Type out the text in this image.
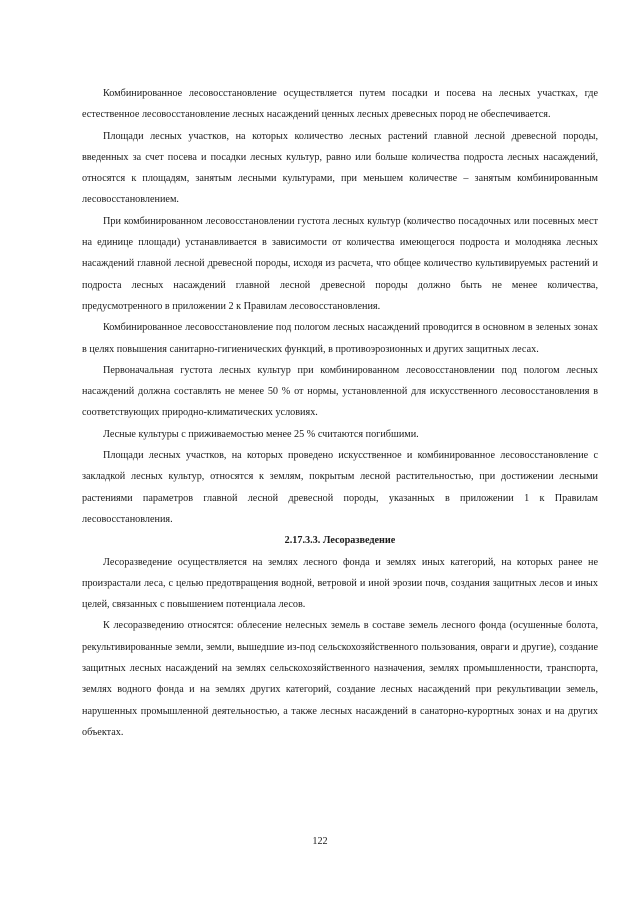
Комбинированное лесовосстановление осуществляется путем посадки и посева на лесных участках, где естественное лесовосстановление лесных насаждений ценных лесных древесных пород не обеспечивается.

Площади лесных участков, на которых количество лесных растений главной лесной древесной породы, введенных за счет посева и посадки лесных культур, равно или больше количества подроста лесных насаждений, относятся к площадям, занятым лесными культурами, при меньшем количестве – занятым комбинированным лесовосстановлением.

При комбинированном лесовосстановлении густота лесных культур (количество посадочных или посевных мест на единице площади) устанавливается в зависимости от количества имеющегося подроста и молодняка лесных насаждений главной лесной древесной породы, исходя из расчета, что общее количество культивируемых растений и подроста лесных насаждений главной лесной древесной породы должно быть не менее количества, предусмотренного в приложении 2 к Правилам лесовосстановления.

Комбинированное лесовосстановление под пологом лесных насаждений проводится в основном в зеленых зонах в целях повышения санитарно-гигиенических функций, в противоэрозионных и других защитных лесах.

Первоначальная густота лесных культур при комбинированном лесовосстановлении под пологом лесных насаждений должна составлять не менее 50 % от нормы, установленной для искусственного лесовосстановления в соответствующих природно-климатических условиях.

Лесные культуры с приживаемостью менее 25 % считаются погибшими.

Площади лесных участков, на которых проведено искусственное и комбинированное лесовосстановление с закладкой лесных культур, относятся к землям, покрытым лесной растительностью, при достижении лесными растениями параметров главной лесной древесной породы, указанных в приложении 1 к Правилам лесовосстановления.

2.17.3.3. Лесоразведение

Лесоразведение осуществляется на землях лесного фонда и землях иных категорий, на которых ранее не произрастали леса, с целью предотвращения водной, ветровой и иной эрозии почв, создания защитных лесов и иных целей, связанных с повышением потенциала лесов.

К лесоразведению относятся: облесение нелесных земель в составе земель лесного фонда (осушенные болота, рекультивированные земли, земли, вышедшие из-под сельскохозяйственного пользования, овраги и другие), создание защитных лесных насаждений на землях сельскохозяйственного назначения, землях промышленности, транспорта, землях водного фонда и на землях других категорий, создание лесных насаждений при рекультивации земель, нарушенных промышленной деятельностью, а также лесных насаждений в санаторно-курортных зонах и на других объектах.

122
